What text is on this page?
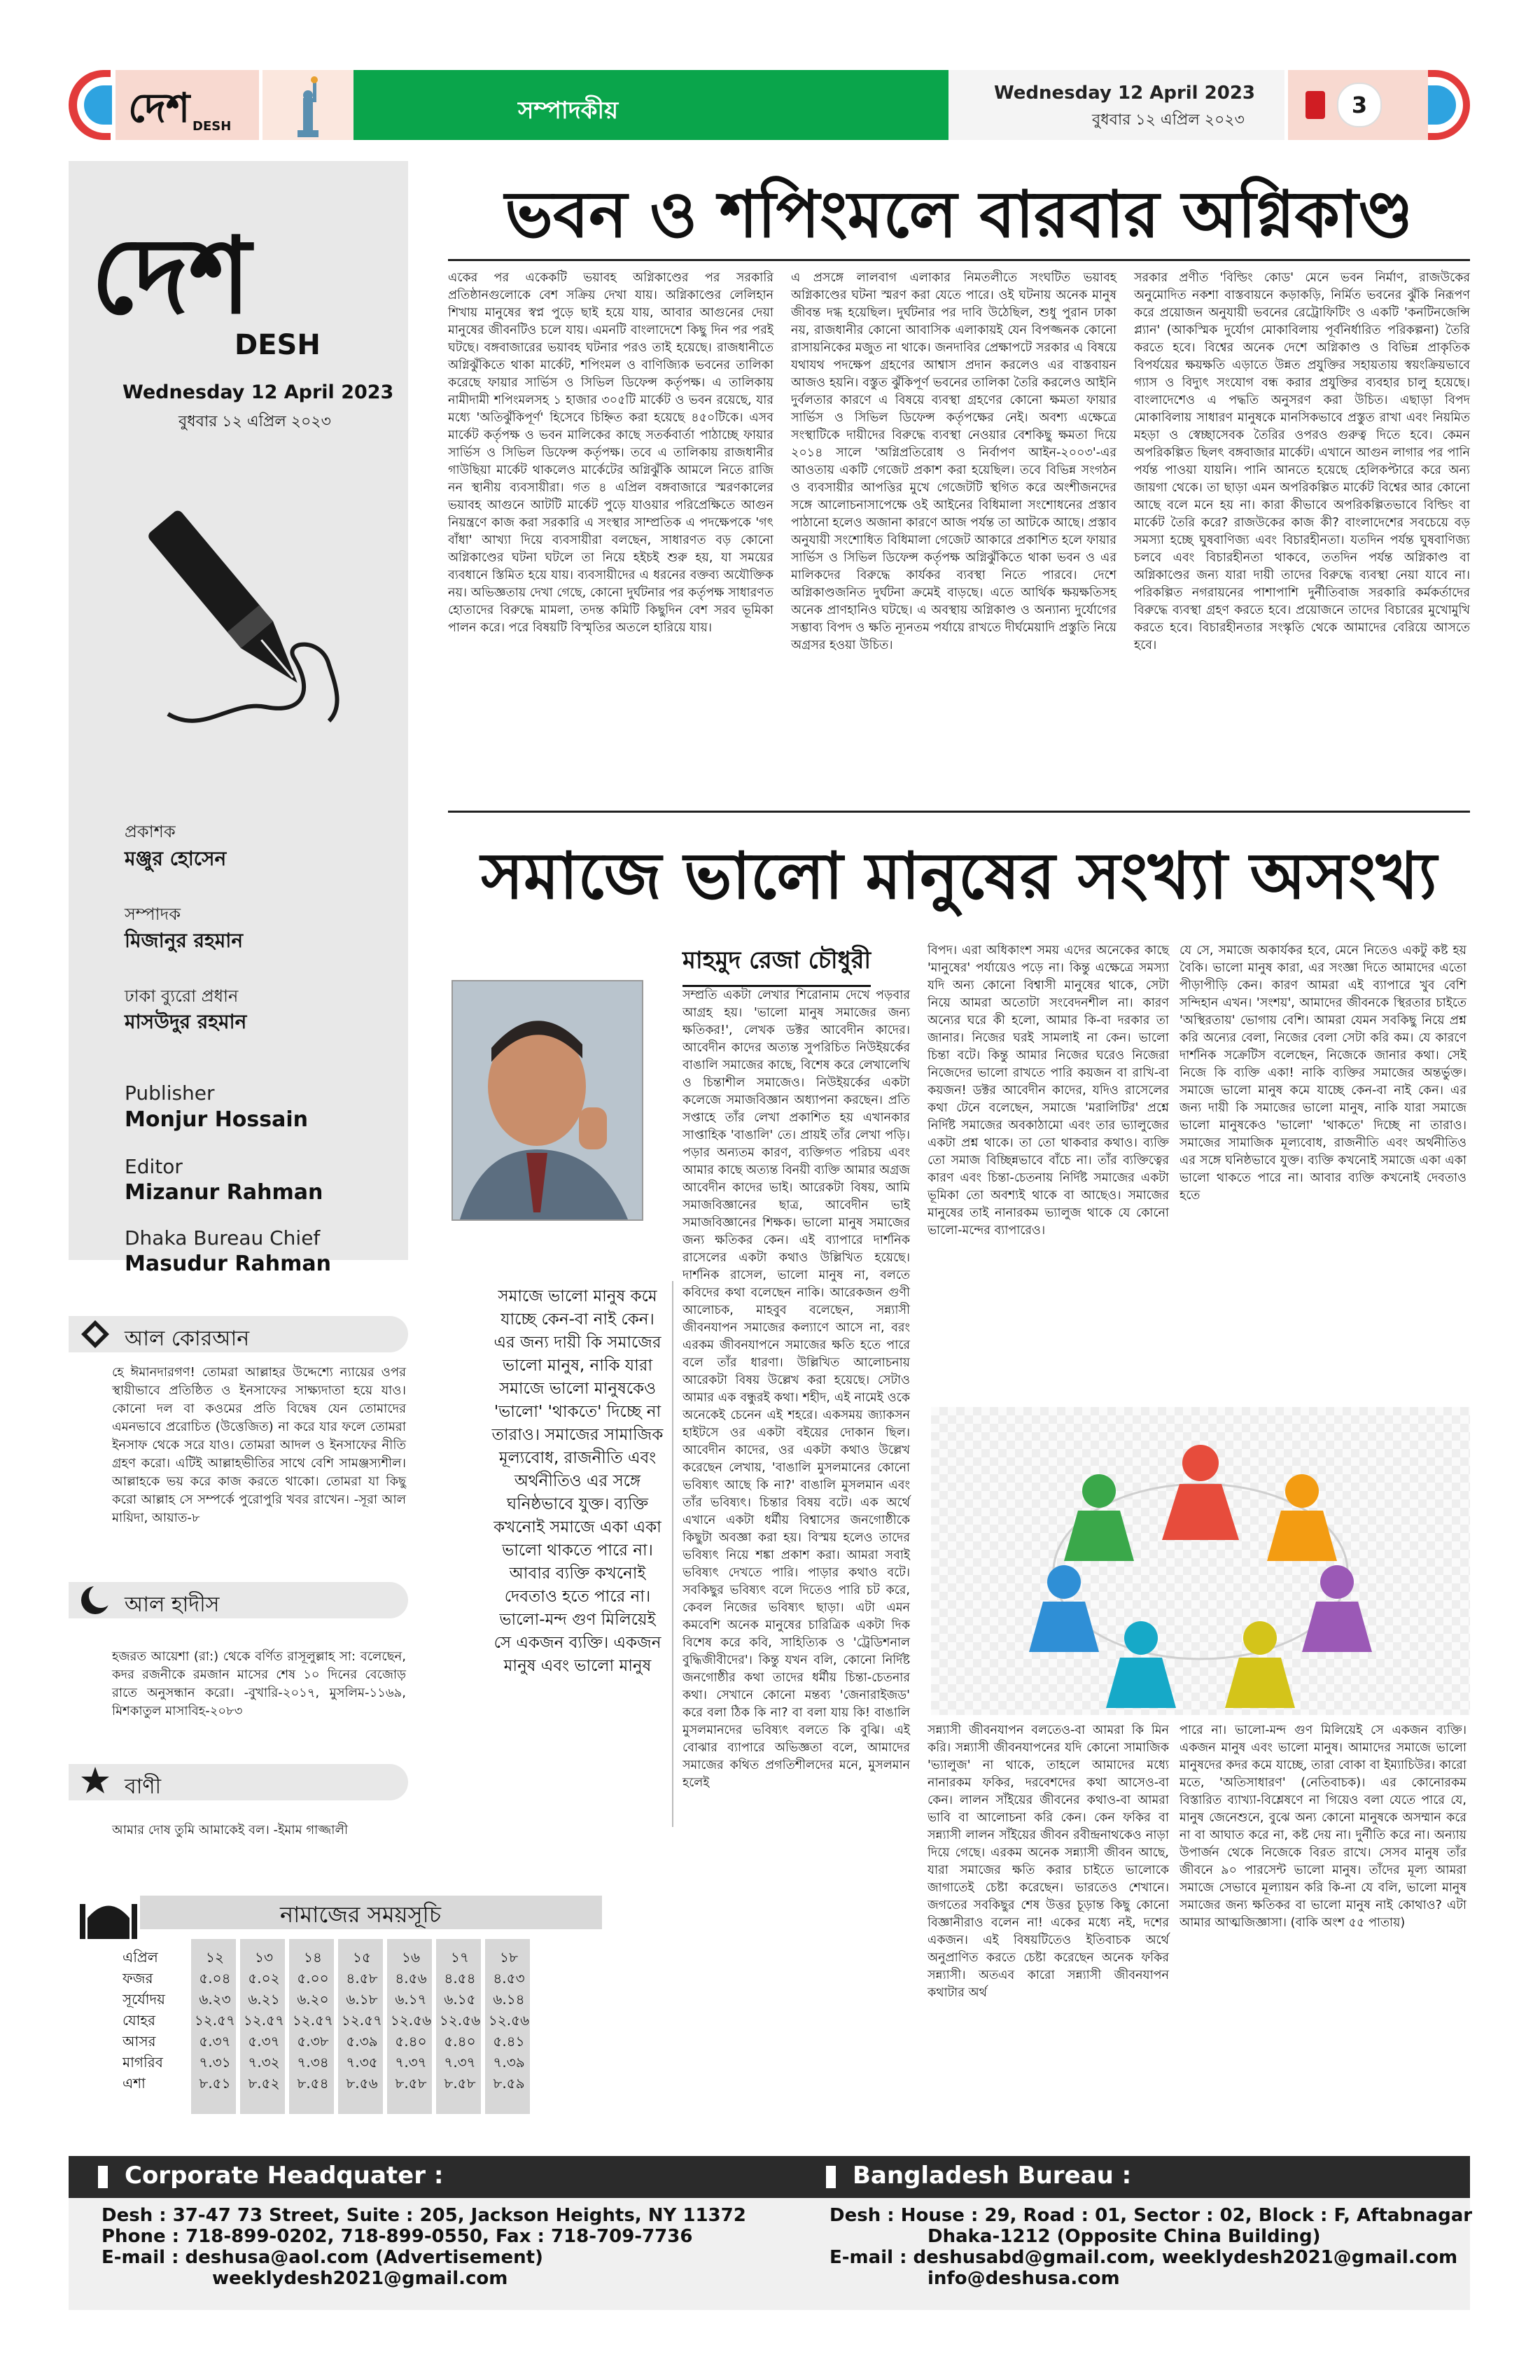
দেশ DESH
সম্পাদকীয়
Wednesday 12 April 2023
বুধবার ১২ এপ্রিল ২০২৩
3
দেশ
DESH
Wednesday 12 April 2023
বুধবার ১২ এপ্রিল ২০২৩
প্রকাশক
মঞ্জুর হোসেন
সম্পাদক
মিজানুর রহমান
ঢাকা ব্যুরো প্রধান
মাসউদুর রহমান
Publisher
Monjur Hossain
Editor
Mizanur Rahman
Dhaka Bureau Chief
Masudur Rahman
আল কোরআন
হে ঈমানদারগণ! তোমরা আল্লাহর উদ্দেশ্যে ন্যায়ের ওপর স্থায়ীভাবে প্রতিষ্ঠিত ও ইনসাফের সাক্ষ্যদাতা হয়ে যাও। কোনো দল বা কওমের প্রতি বিদ্বেষ যেন তোমাদের এমনভাবে প্ররোচিত (উত্তেজিত) না করে যার ফলে তোমরা ইনসাফ থেকে সরে যাও। তোমরা আদল ও ইনসাফের নীতি গ্রহণ করো। এটিই আল্লাহভীতির সাথে বেশি সামঞ্জস্যশীল। আল্লাহকে ভয় করে কাজ করতে থাকো। তোমরা যা কিছু করো আল্লাহ সে সম্পর্কে পুরোপুরি খবর রাখেন। -সূরা আল মায়িদা, আয়াত-৮
আল হাদীস
হজরত আয়েশা (রা:) থেকে বর্ণিত রাসূলুল্লাহ সা: বলেছেন, কদর রজনীকে রমজান মাসের শেষ ১০ দিনের বেজোড় রাতে অনুসন্ধান করো। -বুখারি-২০১৭, মুসলিম-১১৬৯, মিশকাতুল মাসাবিহ-২০৮৩
বাণী
আমার দোষ তুমি আমাকেই বল। -ইমাম গাজ্জালী
নামাজের সময়সূচি
এপ্রিল
ফজর
সূর্যোদয়
যোহর
আসর
মাগরিব
এশা
১২
৫.০৪
৬.২৩
১২.৫৭
৫.৩৭
৭.৩১
৮.৫১
১৩
৫.০২
৬.২১
১২.৫৭
৫.৩৭
৭.৩২
৮.৫২
১৪
৫.০০
৬.২০
১২.৫৭
৫.৩৮
৭.৩৪
৮.৫৪
১৫
৪.৫৮
৬.১৮
১২.৫৭
৫.৩৯
৭.৩৫
৮.৫৬
১৬
৪.৫৬
৬.১৭
১২.৫৬
৫.৪০
৭.৩৭
৮.৫৮
১৭
৪.৫৪
৬.১৫
১২.৫৬
৫.৪০
৭.৩৭
৮.৫৮
১৮
৪.৫৩
৬.১৪
১২.৫৬
৫.৪১
৭.৩৯
৮.৫৯
ভবন ও শপিংমলে বারবার অগ্নিকাণ্ড

একের পর একেকটি ভয়াবহ অগ্নিকাণ্ডের পর সরকারি প্রতিষ্ঠানগুলোকে বেশ সক্রিয় দেখা যায়। অগ্নিকাণ্ডের লেলিহান শিখায় মানুষের স্বপ্ন পুড়ে ছাই হয়ে যায়, আবার আগুনের দেয়া মানুষের জীবনটিও চলে যায়। এমনটি বাংলাদেশে কিছু দিন পর পরই ঘটছে। বঙ্গবাজারের ভয়াবহ ঘটনার পরও তাই হয়েছে। রাজধানীতে অগ্নিঝুঁকিতে থাকা মার্কেট, শপিংমল ও বাণিজ্যিক ভবনের তালিকা করেছে ফায়ার সার্ভিস ও সিভিল ডিফেন্স কর্তৃপক্ষ। এ তালিকায় নামীদামী শপিংমলসহ ১ হাজার ৩০৫টি মার্কেট ও ভবন রয়েছে, যার মধ্যে 'অতিঝুঁকিপূর্ণ' হিসেবে চিহ্নিত করা হয়েছে ৪৫০টিকে। এসব মার্কেট কর্তৃপক্ষ ও ভবন মালিকের কাছে সতর্কবার্তা পাঠাচ্ছে ফায়ার সার্ভিস ও সিভিল ডিফেন্স কর্তৃপক্ষ। তবে এ তালিকায় রাজধানীর গাউছিয়া মার্কেট থাকলেও মার্কেটের অগ্নিঝুঁকি আমলে নিতে রাজি নন স্থানীয় ব্যবসায়ীরা। গত ৪ এপ্রিল বঙ্গবাজারে স্মরণকালের ভয়াবহ আগুনে আটটি মার্কেট পুড়ে যাওয়ার পরিপ্রেক্ষিতে আগুন নিয়ন্ত্রণে কাজ করা সরকারি এ সংস্থার সাম্প্রতিক এ পদক্ষেপকে 'গৎ বাঁধা' আখ্যা দিয়ে ব্যবসায়ীরা বলছেন, সাধারণত বড় কোনো অগ্নিকাণ্ডের ঘটনা ঘটলে তা নিয়ে হইচই শুরু হয়, যা সময়ের ব্যবধানে স্তিমিত হয়ে যায়। ব্যবসায়ীদের এ ধরনের বক্তব্য অযৌক্তিক নয়। অভিজ্ঞতায় দেখা গেছে, কোনো দুর্ঘটনার পর কর্তৃপক্ষ সাধারণত হোতাদের বিরুদ্ধে মামলা, তদন্ত কমিটি কিছুদিন বেশ সরব ভূমিকা পালন করে। পরে বিষয়টি বিস্মৃতির অতলে হারিয়ে যায়।

এ প্রসঙ্গে লালবাগ এলাকার নিমতলীতে সংঘটিত ভয়াবহ অগ্নিকাণ্ডের ঘটনা স্মরণ করা যেতে পারে। ওই ঘটনায় অনেক মানুষ জীবন্ত দগ্ধ হয়েছিল। দুর্ঘটনার পর দাবি উঠেছিল, শুধু পুরান ঢাকা নয়, রাজধানীর কোনো আবাসিক এলাকায়ই যেন বিপজ্জনক কোনো রাসায়নিকের মজুত না থাকে। জনদাবির প্রেক্ষাপটে সরকার এ বিষয়ে যথাযথ পদক্ষেপ গ্রহণের আশ্বাস প্রদান করলেও এর বাস্তবায়ন আজও হয়নি। বস্তুত ঝুঁকিপূর্ণ ভবনের তালিকা তৈরি করলেও আইনি দুর্বলতার কারণে এ বিষয়ে ব্যবস্থা গ্রহণের কোনো ক্ষমতা ফায়ার সার্ভিস ও সিভিল ডিফেন্স কর্তৃপক্ষের নেই। অবশ্য এক্ষেত্রে সংস্থাটিকে দায়ীদের বিরুদ্ধে ব্যবস্থা নেওয়ার বেশকিছু ক্ষমতা দিয়ে ২০১৪ সালে 'অগ্নিপ্রতিরোধ ও নির্বাপণ আইন-২০০৩'-এর আওতায় একটি গেজেট প্রকাশ করা হয়েছিল। তবে বিভিন্ন সংগঠন ও ব্যবসায়ীর আপত্তির মুখে গেজেটটি স্থগিত করে অংশীজনদের সঙ্গে আলোচনাসাপেক্ষে ওই আইনের বিধিমালা সংশোধনের প্রস্তাব পাঠানো হলেও অজানা কারণে আজ পর্যন্ত তা আটকে আছে। প্রস্তাব অনুযায়ী সংশোধিত বিধিমালা গেজেট আকারে প্রকাশিত হলে ফায়ার সার্ভিস ও সিভিল ডিফেন্স কর্তৃপক্ষ অগ্নিঝুঁকিতে থাকা ভবন ও এর মালিকদের বিরুদ্ধে কার্যকর ব্যবস্থা নিতে পারবে। দেশে অগ্নিকাণ্ডজনিত দুর্ঘটনা ক্রমেই বাড়ছে। এতে আর্থিক ক্ষয়ক্ষতিসহ অনেক প্রাণহানিও ঘটছে। এ অবস্থায় অগ্নিকাণ্ড ও অন্যান্য দুর্যোগের সম্ভাব্য বিপদ ও ক্ষতি ন্যূনতম পর্যায়ে রাখতে দীর্ঘমেয়াদি প্রস্তুতি নিয়ে অগ্রসর হওয়া উচিত।

সরকার প্রণীত 'বিল্ডিং কোড' মেনে ভবন নির্মাণ, রাজউকের অনুমোদিত নকশা বাস্তবায়নে কড়াকড়ি, নির্মিত ভবনের ঝুঁকি নিরূপণ করে প্রয়োজন অনুযায়ী ভবনের রেট্রোফিটিং ও একটি 'কনটিনজেন্সি প্ল্যান' (আকস্মিক দুর্যোগ মোকাবিলায় পূর্বনির্ধারিত পরিকল্পনা) তৈরি করতে হবে। বিশ্বের অনেক দেশে অগ্নিকাণ্ড ও বিভিন্ন প্রাকৃতিক বিপর্যয়ের ক্ষয়ক্ষতি এড়াতে উন্নত প্রযুক্তির সহায়তায় স্বয়ংক্রিয়ভাবে গ্যাস ও বিদ্যুৎ সংযোগ বন্ধ করার প্রযুক্তির ব্যবহার চালু হয়েছে। বাংলাদেশেও এ পদ্ধতি অনুসরণ করা উচিত। এছাড়া বিপদ মোকাবিলায় সাধারণ মানুষকে মানসিকভাবে প্রস্তুত রাখা এবং নিয়মিত মহড়া ও স্বেচ্ছাসেবক তৈরির ওপরও গুরুত্ব দিতে হবে। কেমন অপরিকল্পিত ছিলৎ বঙ্গবাজার মার্কেট। এখানে আগুন লাগার পর পানি পর্যন্ত পাওয়া যায়নি। পানি আনতে হয়েছে হেলিকপ্টারে করে অন্য জায়গা থেকে। তা ছাড়া এমন অপরিকল্পিত মার্কেট বিশ্বের আর কোনো আছে বলে মনে হয় না। কারা কীভাবে অপরিকল্পিতভাবে বিল্ডিং বা মার্কেট তৈরি করে? রাজউকের কাজ কী? বাংলাদেশের সবচেয়ে বড় সমস্যা হচ্ছে ঘুষবাণিজ্য এবং বিচারহীনতা। যতদিন পর্যন্ত ঘুষবাণিজ্য চলবে এবং বিচারহীনতা থাকবে, ততদিন পর্যন্ত অগ্নিকাণ্ড বা অগ্নিকাণ্ডের জন্য যারা দায়ী তাদের বিরুদ্ধে ব্যবস্থা নেয়া যাবে না। পরিকল্পিত নগরায়নের পাশাপাশি দুর্নীতিবাজ সরকারি কর্মকর্তাদের বিরুদ্ধে ব্যবস্থা গ্রহণ করতে হবে। প্রয়োজনে তাদের বিচারের মুখোমুখি করতে হবে। বিচারহীনতার সংস্কৃতি থেকে আমাদের বেরিয়ে আসতে হবে।

সমাজে ভালো মানুষের সংখ্যা অসংখ্য
সমাজে ভালো মানুষ কমে যাচ্ছে কেন-বা নাই কেন। এর জন্য দায়ী কি সমাজের ভালো মানুষ, নাকি যারা সমাজে ভালো মানুষকেও 'ভালো' 'থাকতে' দিচ্ছে না তারাও। সমাজের সামাজিক মূল্যবোধ, রাজনীতি এবং অর্থনীতিও এর সঙ্গে ঘনিষ্ঠভাবে যুক্ত। ব্যক্তি কখনোই সমাজে একা একা ভালো থাকতে পারে না। আবার ব্যক্তি কখনোই দেবতাও হতে পারে না। ভালো-মন্দ গুণ মিলিয়েই সে একজন ব্যক্তি। একজন মানুষ এবং ভালো মানুষ
মাহমুদ রেজা চৌধুরী

সম্প্রতি একটা লেখার শিরোনাম দেখে পড়বার আগ্রহ হয়। 'ভালো মানুষ সমাজের জন্য ক্ষতিকর!', লেখক ডক্টর আবেদীন কাদের। আবেদীন কাদের অত্যন্ত সুপরিচিত নিউইয়র্কের বাঙালি সমাজের কাছে, বিশেষ করে লেখালেখি ও চিন্তাশীল সমাজেও। নিউইয়র্কের একটা কলেজে সমাজবিজ্ঞান অধ্যাপনা করছেন। প্রতি সপ্তাহে তাঁর লেখা প্রকাশিত হয় এখানকার সাপ্তাহিক 'বাঙালি' তে। প্রায়ই তাঁর লেখা পড়ি। পড়ার অন্যতম কারণ, ব্যক্তিগত পরিচয় এবং আমার কাছে অত্যন্ত বিনয়ী ব্যক্তি আমার অগ্রজ আবেদীন কাদের ভাই। আরেকটা বিষয়, আমি সমাজবিজ্ঞানের ছাত্র, আবেদীন ভাই সমাজবিজ্ঞানের শিক্ষক। ভালো মানুষ সমাজের জন্য ক্ষতিকর কেন। এই ব্যাপারে দার্শনিক রাসেলের একটা কথাও উল্লিখিত হয়েছে। দার্শনিক রাসেল, ভালো মানুষ না, বলতে কবিদের কথা বলেছেন নাকি। আরেকজন গুণী আলোচক, মাহবুব বলেছেন, সন্ন্যাসী জীবনযাপন সমাজের কল্যাণে আসে না, বরং এরকম জীবনযাপনে সমাজের ক্ষতি হতে পারে বলে তাঁর ধারণা। উল্লিখিত আলোচনায় আরেকটা বিষয় উল্লেখ করা হয়েছে। সেটাও আমার এক বন্ধুরই কথা। শহীদ, এই নামেই ওকে অনেকেই চেনেন এই শহরে। একসময় জ্যাকসন হাইটসে ওর একটা বইয়ের দোকান ছিল। আবেদীন কাদের, ওর একটা কথাও উল্লেখ করেছেন লেখায়, 'বাঙালি মুসলমানের কোনো ভবিষ্যৎ আছে কি না?' বাঙালি মুসলমান এবং তাঁর ভবিষ্যৎ। চিন্তার বিষয় বটে। এক অর্থে এখানে একটা ধর্মীয় বিশ্বাসের জনগোষ্ঠীকে কিছুটা অবজ্ঞা করা হয়। বিস্ময় হলেও তাদের ভবিষ্যৎ নিয়ে শঙ্কা প্রকাশ করা। আমরা সবাই ভবিষ্যৎ দেখতে পারি। পাড়ার কথাও বটে। সবকিছুর ভবিষ্যৎ বলে দিতেও পারি চট করে, কেবল নিজের ভবিষ্যৎ ছাড়া। এটা এমন কমবেশি অনেক মানুষের চারিত্রিক একটা দিক বিশেষ করে কবি, সাহিত্যিক ও 'ট্রেডিশনাল বুদ্ধিজীবীদের'। কিন্তু যখন বলি, কোনো নির্দিষ্ট জনগোষ্ঠীর কথা তাদের ধর্মীয় চিন্তা-চেতনার কথা। সেখানে কোনো মন্তব্য 'জেনারাইজড' করে বলা ঠিক কি না? বা বলা যায় কি! বাঙালি মুসলমানদের ভবিষ্যৎ বলতে কি বুঝি। এই বোঝার ব্যাপারে অভিজ্ঞতা বলে, আমাদের সমাজের কথিত প্রগতিশীলদের মনে, মুসলমান হলেই

বিপদ। এরা অধিকাংশ সময় এদের অনেকের কাছে 'মানুষের' পর্যায়েও পড়ে না। কিন্তু এক্ষেত্রে সমস্যা যদি অন্য কোনো বিশ্বাসী মানুষের থাকে, সেটা নিয়ে আমরা অতোটা সংবেদনশীল না। কারণ অন্যের ঘরে কী হলো, আমার কি-বা দরকার তা জানার। নিজের ঘরই সামলাই না কেন। ভালো চিন্তা বটে। কিন্তু আমার নিজের ঘরেও নিজেরা নিজেদের ভালো রাখতে পারি কয়জন বা রাখি-বা কয়জন! ডক্টর আবেদীন কাদের, যদিও রাসেলের কথা টেনে বলেছেন, সমাজে 'মরালিটির' প্রশ্নে নির্দিষ্ট সমাজের অবকাঠামো এবং তার ভ্যালুজের একটা প্রশ্ন থাকে। তা তো থাকবার কথাও। ব্যক্তি তো সমাজ বিচ্ছিন্নভাবে বাঁচে না। তাঁর ব্যক্তিত্বের কারণ এবং চিন্তা-চেতনায় নির্দিষ্ট সমাজের একটা ভূমিকা তো অবশ্যই থাকে বা আছেও। সমাজের মানুষের তাই নানারকম ভ্যালুজ থাকে যে কোনো ভালো-মন্দের ব্যাপারেও।

যে সে, সমাজে অকার্যকর হবে, মেনে নিতেও একটু কষ্ট হয় বৈকি। ভালো মানুষ কারা, এর সংজ্ঞা দিতে আমাদের এতো পীড়াপীড়ি কেন। কারণ আমরা এই ব্যাপারে খুব বেশি সন্দিহান এখন। 'সংশয়', আমাদের জীবনকে স্থিরতার চাইতে 'অস্থিরতায়' ভোগায় বেশি। আমরা যেমন সবকিছু নিয়ে প্রশ্ন করি অন্যের বেলা, নিজের বেলা সেটা করি কম। যে কারণে দার্শনিক সক্রেটিস বলেছেন, নিজেকে জানার কথা। সেই নিজে কি ব্যক্তি একা! নাকি ব্যক্তির সমাজের অন্তর্ভুক্ত। সমাজে ভালো মানুষ কমে যাচ্ছে কেন-বা নাই কেন। এর জন্য দায়ী কি সমাজের ভালো মানুষ, নাকি যারা সমাজে ভালো মানুষকেও 'ভালো' 'থাকতে' দিচ্ছে না তারাও। সমাজের সামাজিক মূল্যবোধ, রাজনীতি এবং অর্থনীতিও এর সঙ্গে ঘনিষ্ঠভাবে যুক্ত। ব্যক্তি কখনোই সমাজে একা একা ভালো থাকতে পারে না। আবার ব্যক্তি কখনোই দেবতাও হতে

সন্ন্যাসী জীবনযাপন বলতেও-বা আমরা কি মিন করি। সন্ন্যাসী জীবনযাপনের যদি কোনো সামাজিক 'ভ্যালুজ' না থাকে, তাহলে আমাদের মধ্যে নানারকম ফকির, দরবেশদের কথা আসেও-বা কেন। লালন সাঁইয়ের জীবনের কথাও-বা আমরা ভাবি বা আলোচনা করি কেন। কেন ফকির বা সন্ন্যাসী লালন সাঁইয়ের জীবন রবীন্দ্রনাথকেও নাড়া দিয়ে গেছে। এরকম অনেক সন্ন্যাসী জীবন আছে, যারা সমাজের ক্ষতি করার চাইতে ভালোকে জাগাতেই চেষ্টা করেছেন। ভারতেও শেখানে। জগতের সবকিছুর শেষ উত্তর চূড়ান্ত কিছু কোনো বিজ্ঞানীরাও বলেন না! একের মধ্যে নই, দশের একজন। এই বিষয়টিতেও ইতিবাচক অর্থে অনুপ্রাণিত করতে চেষ্টা করেছেন অনেক ফকির সন্ন্যাসী। অতএব কারো সন্ন্যাসী জীবনযাপন কথাটার অর্থ

পারে না। ভালো-মন্দ গুণ মিলিয়েই সে একজন ব্যক্তি। একজন মানুষ এবং ভালো মানুষ। আমাদের সমাজে ভালো মানুষদের কদর কমে যাচ্ছে, তারা বোকা বা ইম্যাচিউর। কারো মতে, 'অতিসাধারণ' (নেতিবাচক)। এর কোনোরকম বিস্তারিত ব্যাখ্যা-বিশ্লেষণে না গিয়েও বলা যেতে পারে যে, মানুষ জেনেশুনে, বুঝে অন্য কোনো মানুষকে অসম্মান করে না বা আঘাত করে না, কষ্ট দেয় না। দুর্নীতি করে না। অন্যায় উপার্জন থেকে নিজেকে বিরত রাখে। সেসব মানুষ তাঁর জীবনে ৯০ পারসেন্ট ভালো মানুষ। তাঁদের মূল্য আমরা সমাজে সেভাবে মূল্যায়ন করি কি-না যে বলি, ভালো মানুষ সমাজের জন্য ক্ষতিকর বা ভালো মানুষ নাই কোথাও? এটা আমার আত্মজিজ্ঞাসা। (বাকি অংশ ৫৫ পাতায়)

Corporate Headquater :	Bangladesh Bureau :
Desh : 37-47 73 Street, Suite : 205, Jackson Heights, NY 11372
Phone : 718-899-0202, 718-899-0550, Fax : 718-709-7736
E-mail : deshusa@aol.com (Advertisement)
weeklydesh2021@gmail.com
Desh : House : 29, Road : 01, Sector : 02, Block : F, Aftabnagar
Dhaka-1212 (Opposite China Building)
E-mail : deshusabd@gmail.com, weeklydesh2021@gmail.com
info@deshusa.com
